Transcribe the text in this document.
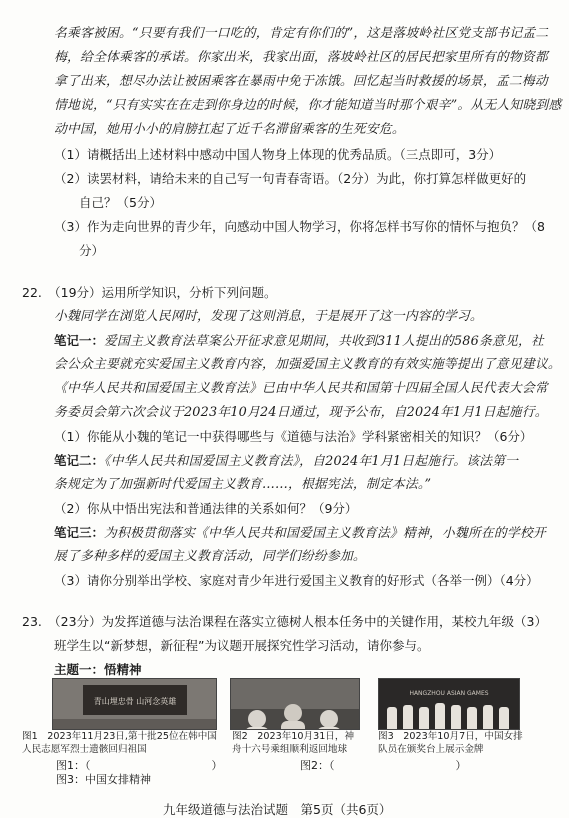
名乘客被困。“只要有我们一口吃的，肯定有你们的”，这是落坡岭社区党支部书记孟二
梅，给全体乘客的承诺。你家出米，我家出面，落坡岭社区的居民把家里所有的物资都
拿了出来，想尽办法让被困乘客在暴雨中免于冻饿。回忆起当时救援的场景，孟二梅动
情地说，“只有实实在在走到你身边的时候，你才能知道当时那个艰辛”。从无人知晓到感
动中国，她用小小的肩膀扛起了近千名滞留乘客的生死安危。
（1）请概括出上述材料中感动中国人物身上体现的优秀品质。（三点即可，3分）
（2）读罢材料，请给未来的自己写一句青春寄语。（2分）为此，你打算怎样做更好的
自己？（5分）
（3）作为走向世界的青少年，向感动中国人物学习，你将怎样书写你的情怀与抱负？（8
分）
22.　（19分）运用所学知识，分析下列问题。
小魏同学在浏览人民网时，发现了这则消息，于是展开了这一内容的学习。
笔记一：爱国主义教育法草案公开征求意见期间，共收到311人提出的586条意见，社
会公众主要就充实爱国主义教育内容，加强爱国主义教育的有效实施等提出了意见建议。
《中华人民共和国爱国主义教育法》已由中华人民共和国第十四届全国人民代表大会常
务委员会第六次会议于2023年10月24日通过，现予公布，自2024年1月1日起施行。
（1）你能从小魏的笔记一中获得哪些与《道德与法治》学科紧密相关的知识？（6分）
笔记二：《中华人民共和国爱国主义教育法》，自2024年1月1日起施行。该法第一
条规定为了加强新时代爱国主义教育……，根据宪法，制定本法。”
（2）你从中悟出宪法和普通法律的关系如何？（9分）
笔记三：为积极贯彻落实《中华人民共和国爱国主义教育法》精神，小魏所在的学校开
展了多种多样的爱国主义教育活动，同学们纷纷参加。
（3）请你分别举出学校、家庭对青少年进行爱国主义教育的好形式（各举一例）（4分）
23.　（23分）为发挥道德与法治课程在落实立德树人根本任务中的关键作用，某校九年级（3）
班学生以“新梦想，新征程”为议题开展探究性学习活动，请你参与。
主题一：悟精神
青山埋忠骨 山河念英雄
HANGZHOU ASIAN GAMES
图1　2023年11月23日,第十批25位在韩中国人民志愿军烈士遗骸回归祖国
图2　2023年10月31日，神舟十六号乘组顺利返回地球
图3　2023年10月7日，中国女排队员在颁奖台上展示金牌
九年级道德与法治试题　第5页（共6页）
图1：（　　　　　　　　　　　）	图2：（　　　　　　　　　　　）
图3：中国女排精神
